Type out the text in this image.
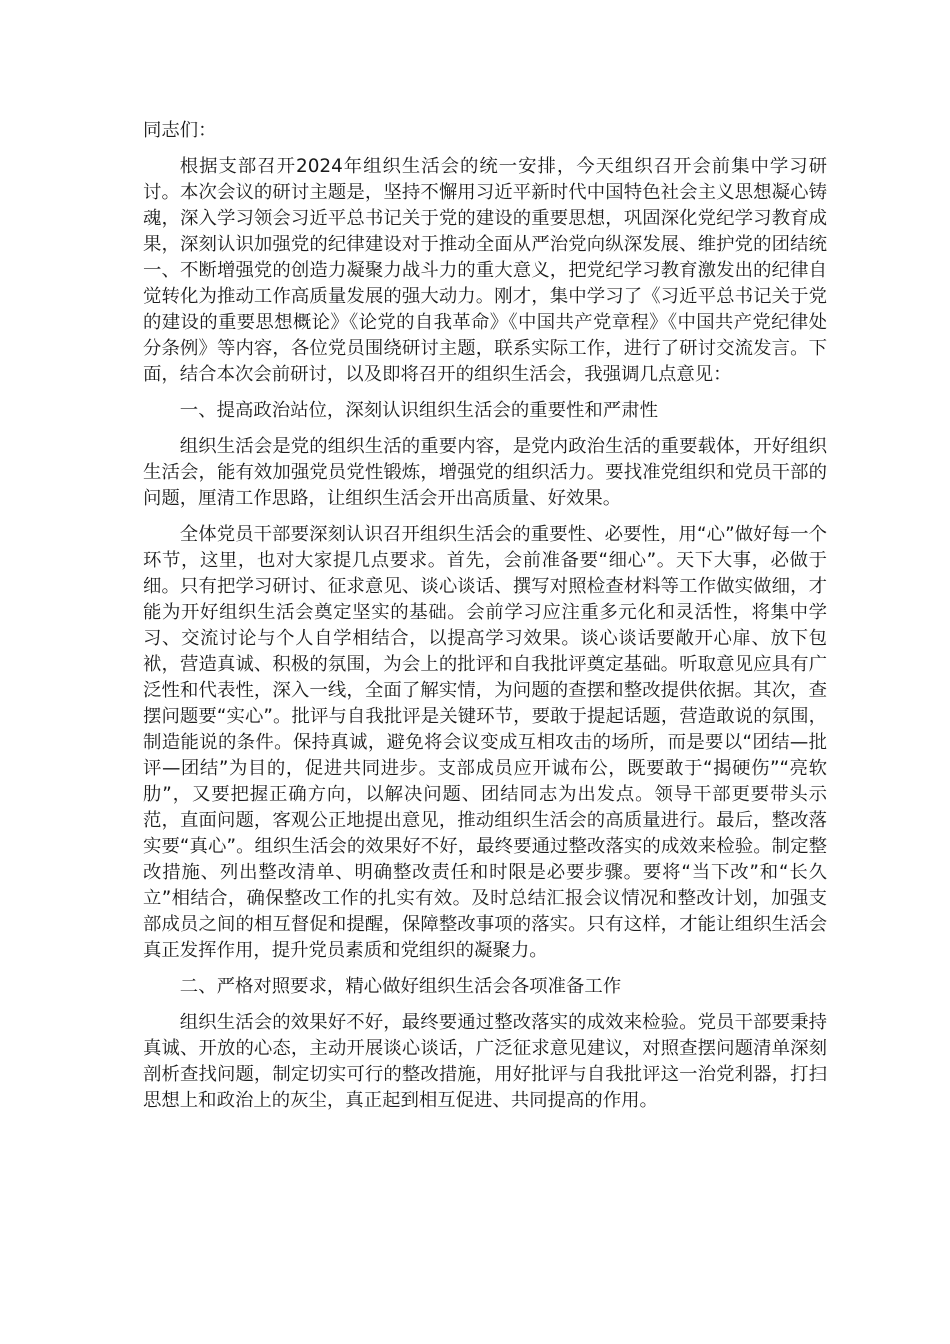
同志们：

根据支部召开2024年组织生活会的统一安排，今天组织召开会前集中学习研讨。本次会议的研讨主题是，坚持不懈用习近平新时代中国特色社会主义思想凝心铸魂，深入学习领会习近平总书记关于党的建设的重要思想，巩固深化党纪学习教育成果，深刻认识加强党的纪律建设对于推动全面从严治党向纵深发展、维护党的团结统一、不断增强党的创造力凝聚力战斗力的重大意义，把党纪学习教育激发出的纪律自觉转化为推动工作高质量发展的强大动力。刚才，集中学习了《习近平总书记关于党的建设的重要思想概论》《论党的自我革命》《中国共产党章程》《中国共产党纪律处分条例》等内容，各位党员围绕研讨主题，联系实际工作，进行了研讨交流发言。下面，结合本次会前研讨，以及即将召开的组织生活会，我强调几点意见：

一、提高政治站位，深刻认识组织生活会的重要性和严肃性

组织生活会是党的组织生活的重要内容，是党内政治生活的重要载体，开好组织生活会，能有效加强党员党性锻炼，增强党的组织活力。要找准党组织和党员干部的问题，厘清工作思路，让组织生活会开出高质量、好效果。

全体党员干部要深刻认识召开组织生活会的重要性、必要性，用“心”做好每一个环节，这里，也对大家提几点要求。首先，会前准备要“细心”。天下大事，必做于细。只有把学习研讨、征求意见、谈心谈话、撰写对照检查材料等工作做实做细，才能为开好组织生活会奠定坚实的基础。会前学习应注重多元化和灵活性，将集中学习、交流讨论与个人自学相结合，以提高学习效果。谈心谈话要敞开心扉、放下包袱，营造真诚、积极的氛围，为会上的批评和自我批评奠定基础。听取意见应具有广泛性和代表性，深入一线，全面了解实情，为问题的查摆和整改提供依据。其次，查摆问题要“实心”。批评与自我批评是关键环节，要敢于提起话题，营造敢说的氛围，制造能说的条件。保持真诚，避免将会议变成互相攻击的场所，而是要以“团结—批评—团结”为目的，促进共同进步。支部成员应开诚布公，既要敢于“揭硬伤”“亮软肋”，又要把握正确方向，以解决问题、团结同志为出发点。领导干部更要带头示范，直面问题，客观公正地提出意见，推动组织生活会的高质量进行。最后，整改落实要“真心”。组织生活会的效果好不好，最终要通过整改落实的成效来检验。制定整改措施、列出整改清单、明确整改责任和时限是必要步骤。要将“当下改”和“长久立”相结合，确保整改工作的扎实有效。及时总结汇报会议情况和整改计划，加强支部成员之间的相互督促和提醒，保障整改事项的落实。只有这样，才能让组织生活会真正发挥作用，提升党员素质和党组织的凝聚力。

二、严格对照要求，精心做好组织生活会各项准备工作

组织生活会的效果好不好，最终要通过整改落实的成效来检验。党员干部要秉持真诚、开放的心态，主动开展谈心谈话，广泛征求意见建议，对照查摆问题清单深刻剖析查找问题，制定切实可行的整改措施，用好批评与自我批评这一治党利器，打扫思想上和政治上的灰尘，真正起到相互促进、共同提高的作用。
